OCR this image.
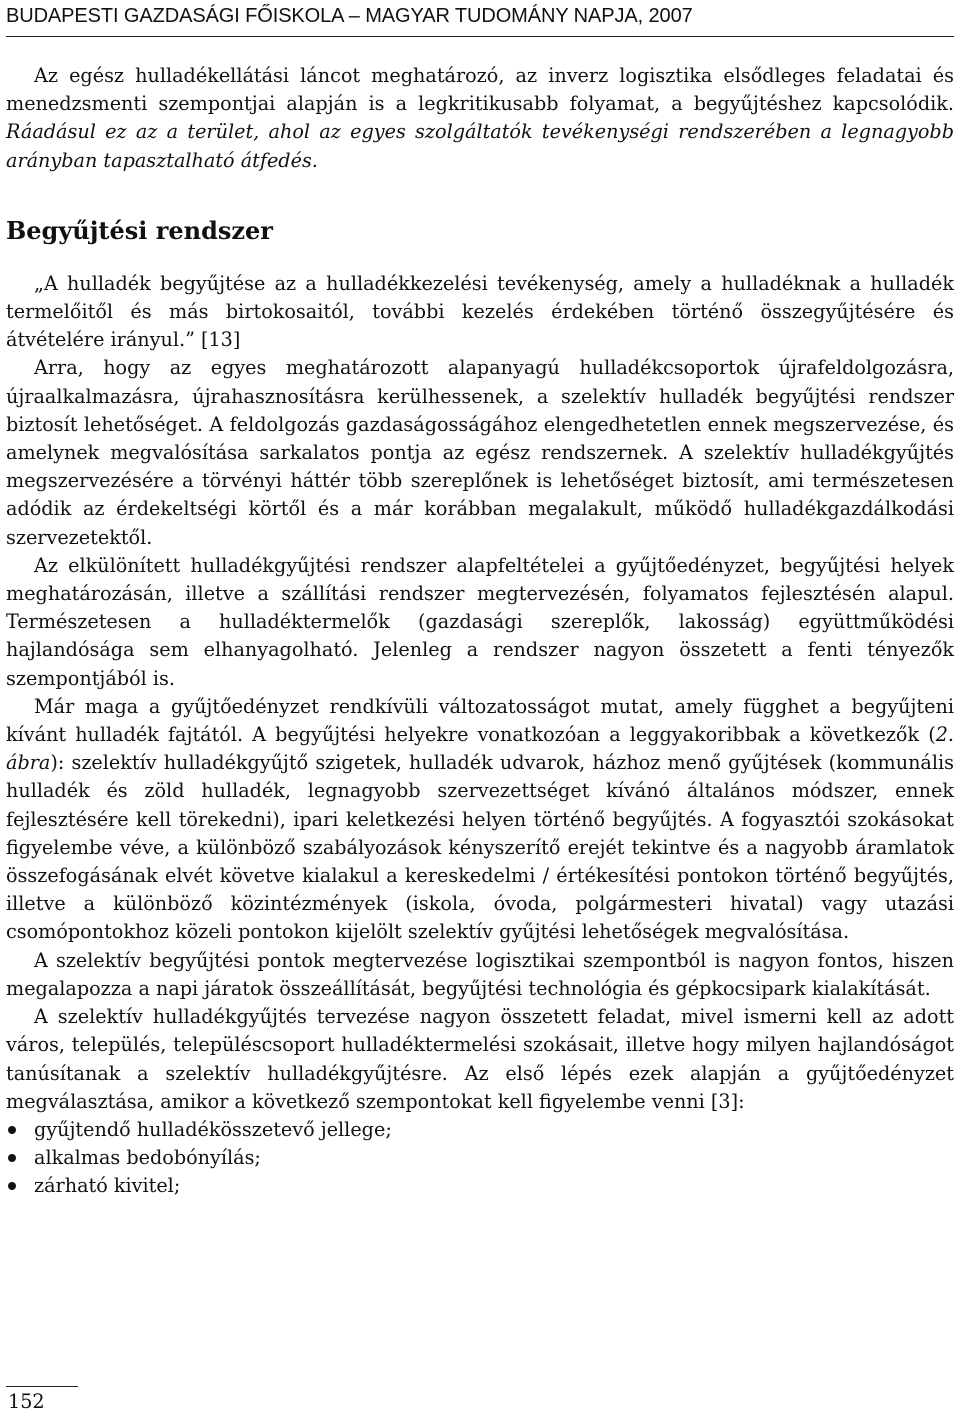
BUDAPESTI GAZDASÁGI FŐISKOLA – MAGYAR TUDOMÁNY NAPJA, 2007

Az egész hulladékellátási láncot meghatározó, az inverz logisztika elsődleges feladatai és menedzsmenti szempontjai alapján is a legkritikusabb folyamat, a begyűjtéshez kapcsolódik. Ráadásul ez az a terület, ahol az egyes szolgáltatók tevékenységi rendszerében a legnagyobb arányban tapasztalható átfedés.

Begyűjtési rendszer

„A hulladék begyűjtése az a hulladékkezelési tevékenység, amely a hulladéknak a hulladék termelőitől és más birtokosaitól, további kezelés érdekében történő összegyűjtésére és átvételére irányul.” [13]

Arra, hogy az egyes meghatározott alapanyagú hulladékcsoportok újrafeldolgozásra, újraalkalmazásra, újrahasznosításra kerülhessenek, a szelektív hulladék begyűjtési rendszer biztosít lehetőséget. A feldolgozás gazdaságosságához elengedhetetlen ennek megszervezése, és amelynek megvalósítása sarkalatos pontja az egész rendszernek. A szelektív hulladékgyűjtés megszervezésére a törvényi háttér több szereplőnek is lehetőséget biztosít, ami természetesen adódik az érdekeltségi körtől és a már korábban megalakult, működő hulladékgazdálkodási szervezetektől.

Az elkülönített hulladékgyűjtési rendszer alapfeltételei a gyűjtőedényzet, begyűjtési helyek meghatározásán, illetve a szállítási rendszer megtervezésén, folyamatos fejlesztésén alapul. Természetesen a hulladéktermelők (gazdasági szereplők, lakosság) együttműködési hajlandósága sem elhanyagolható. Jelenleg a rendszer nagyon összetett a fenti tényezők szempontjából is.

Már maga a gyűjtőedényzet rendkívüli változatosságot mutat, amely függhet a begyűjteni kívánt hulladék fajtától. A begyűjtési helyekre vonatkozóan a leggyakoribbak a következők (2. ábra): szelektív hulladékgyűjtő szigetek, hulladék udvarok, házhoz menő gyűjtések (kommunális hulladék és zöld hulladék, legnagyobb szervezettséget kívánó általános módszer, ennek fejlesztésére kell törekedni), ipari keletkezési helyen történő begyűjtés. A fogyasztói szokásokat figyelembe véve, a különböző szabályozások kényszerítő erejét tekintve és a nagyobb áramlatok összefogásának elvét követve kialakul a kereskedelmi / értékesítési pontokon történő begyűjtés, illetve a különböző közintézmények (iskola, óvoda, polgármesteri hivatal) vagy utazási csomópontokhoz közeli pontokon kijelölt szelektív gyűjtési lehetőségek megvalósítása.

A szelektív begyűjtési pontok megtervezése logisztikai szempontból is nagyon fontos, hiszen megalapozza a napi járatok összeállítását, begyűjtési technológia és gépkocsipark kialakítását.

A szelektív hulladékgyűjtés tervezése nagyon összetett feladat, mivel ismerni kell az adott város, település, településcsoport hulladéktermelési szokásait, illetve hogy milyen hajlandóságot tanúsítanak a szelektív hulladékgyűjtésre. Az első lépés ezek alapján a gyűjtőedényzet megválasztása, amikor a következő szempontokat kell figyelembe venni [3]:

gyűjtendő hulladékösszetevő jellege;
alkalmas bedobónyílás;
zárható kivitel;
152
